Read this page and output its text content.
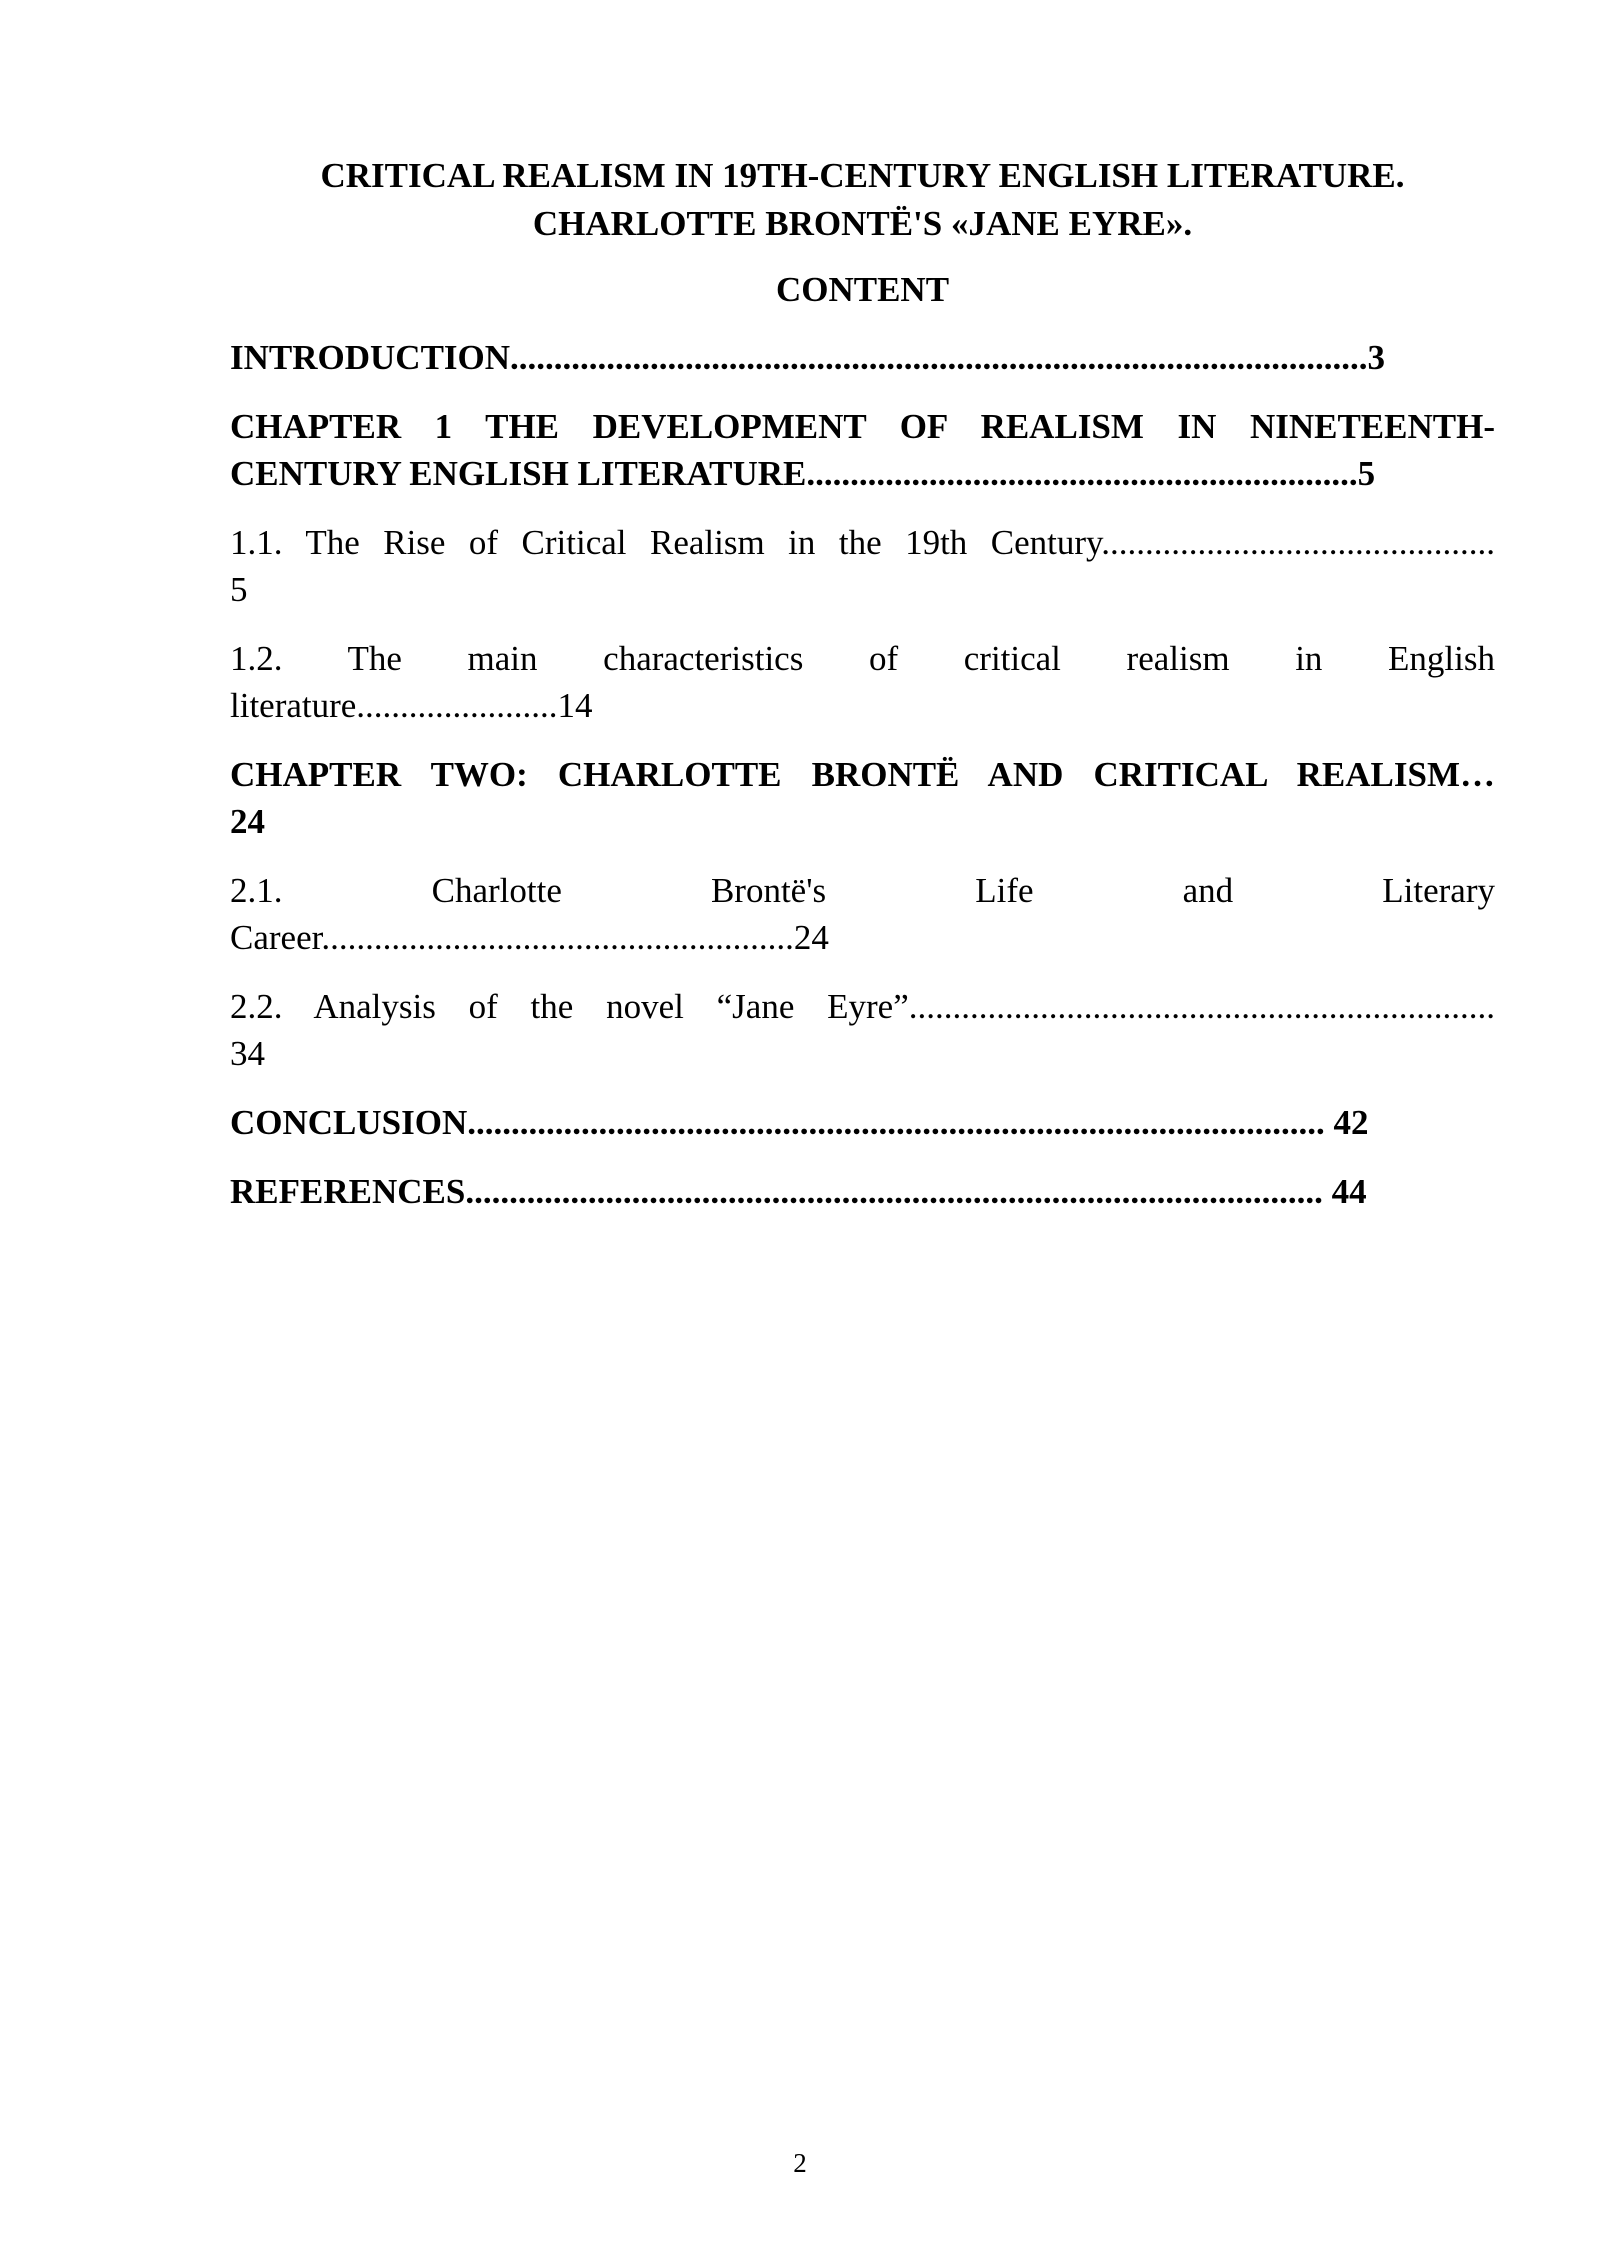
CRITICAL REALISM IN 19TH-CENTURY ENGLISH LITERATURE.
CHARLOTTE BRONTË'S «JANE EYRE».
CONTENT
INTRODUCTION..................................................................................................3
CHAPTER 1 THE DEVELOPMENT OF REALISM IN NINETEENTH-
CENTURY ENGLISH LITERATURE...............................................................5
1.1. The Rise of Critical Realism in the 19th Century.............................................
5
1.2. The main characteristics of critical realism in English
literature.......................14
CHAPTER TWO: CHARLOTTE BRONTË AND CRITICAL REALISM…
24
2.1. Charlotte Brontë's Life and Literary
Career......................................................24
2.2. Analysis of the novel “Jane Eyre”...................................................................
34
CONCLUSION.................................................................................................. 42
REFERENCES.................................................................................................. 44
2
